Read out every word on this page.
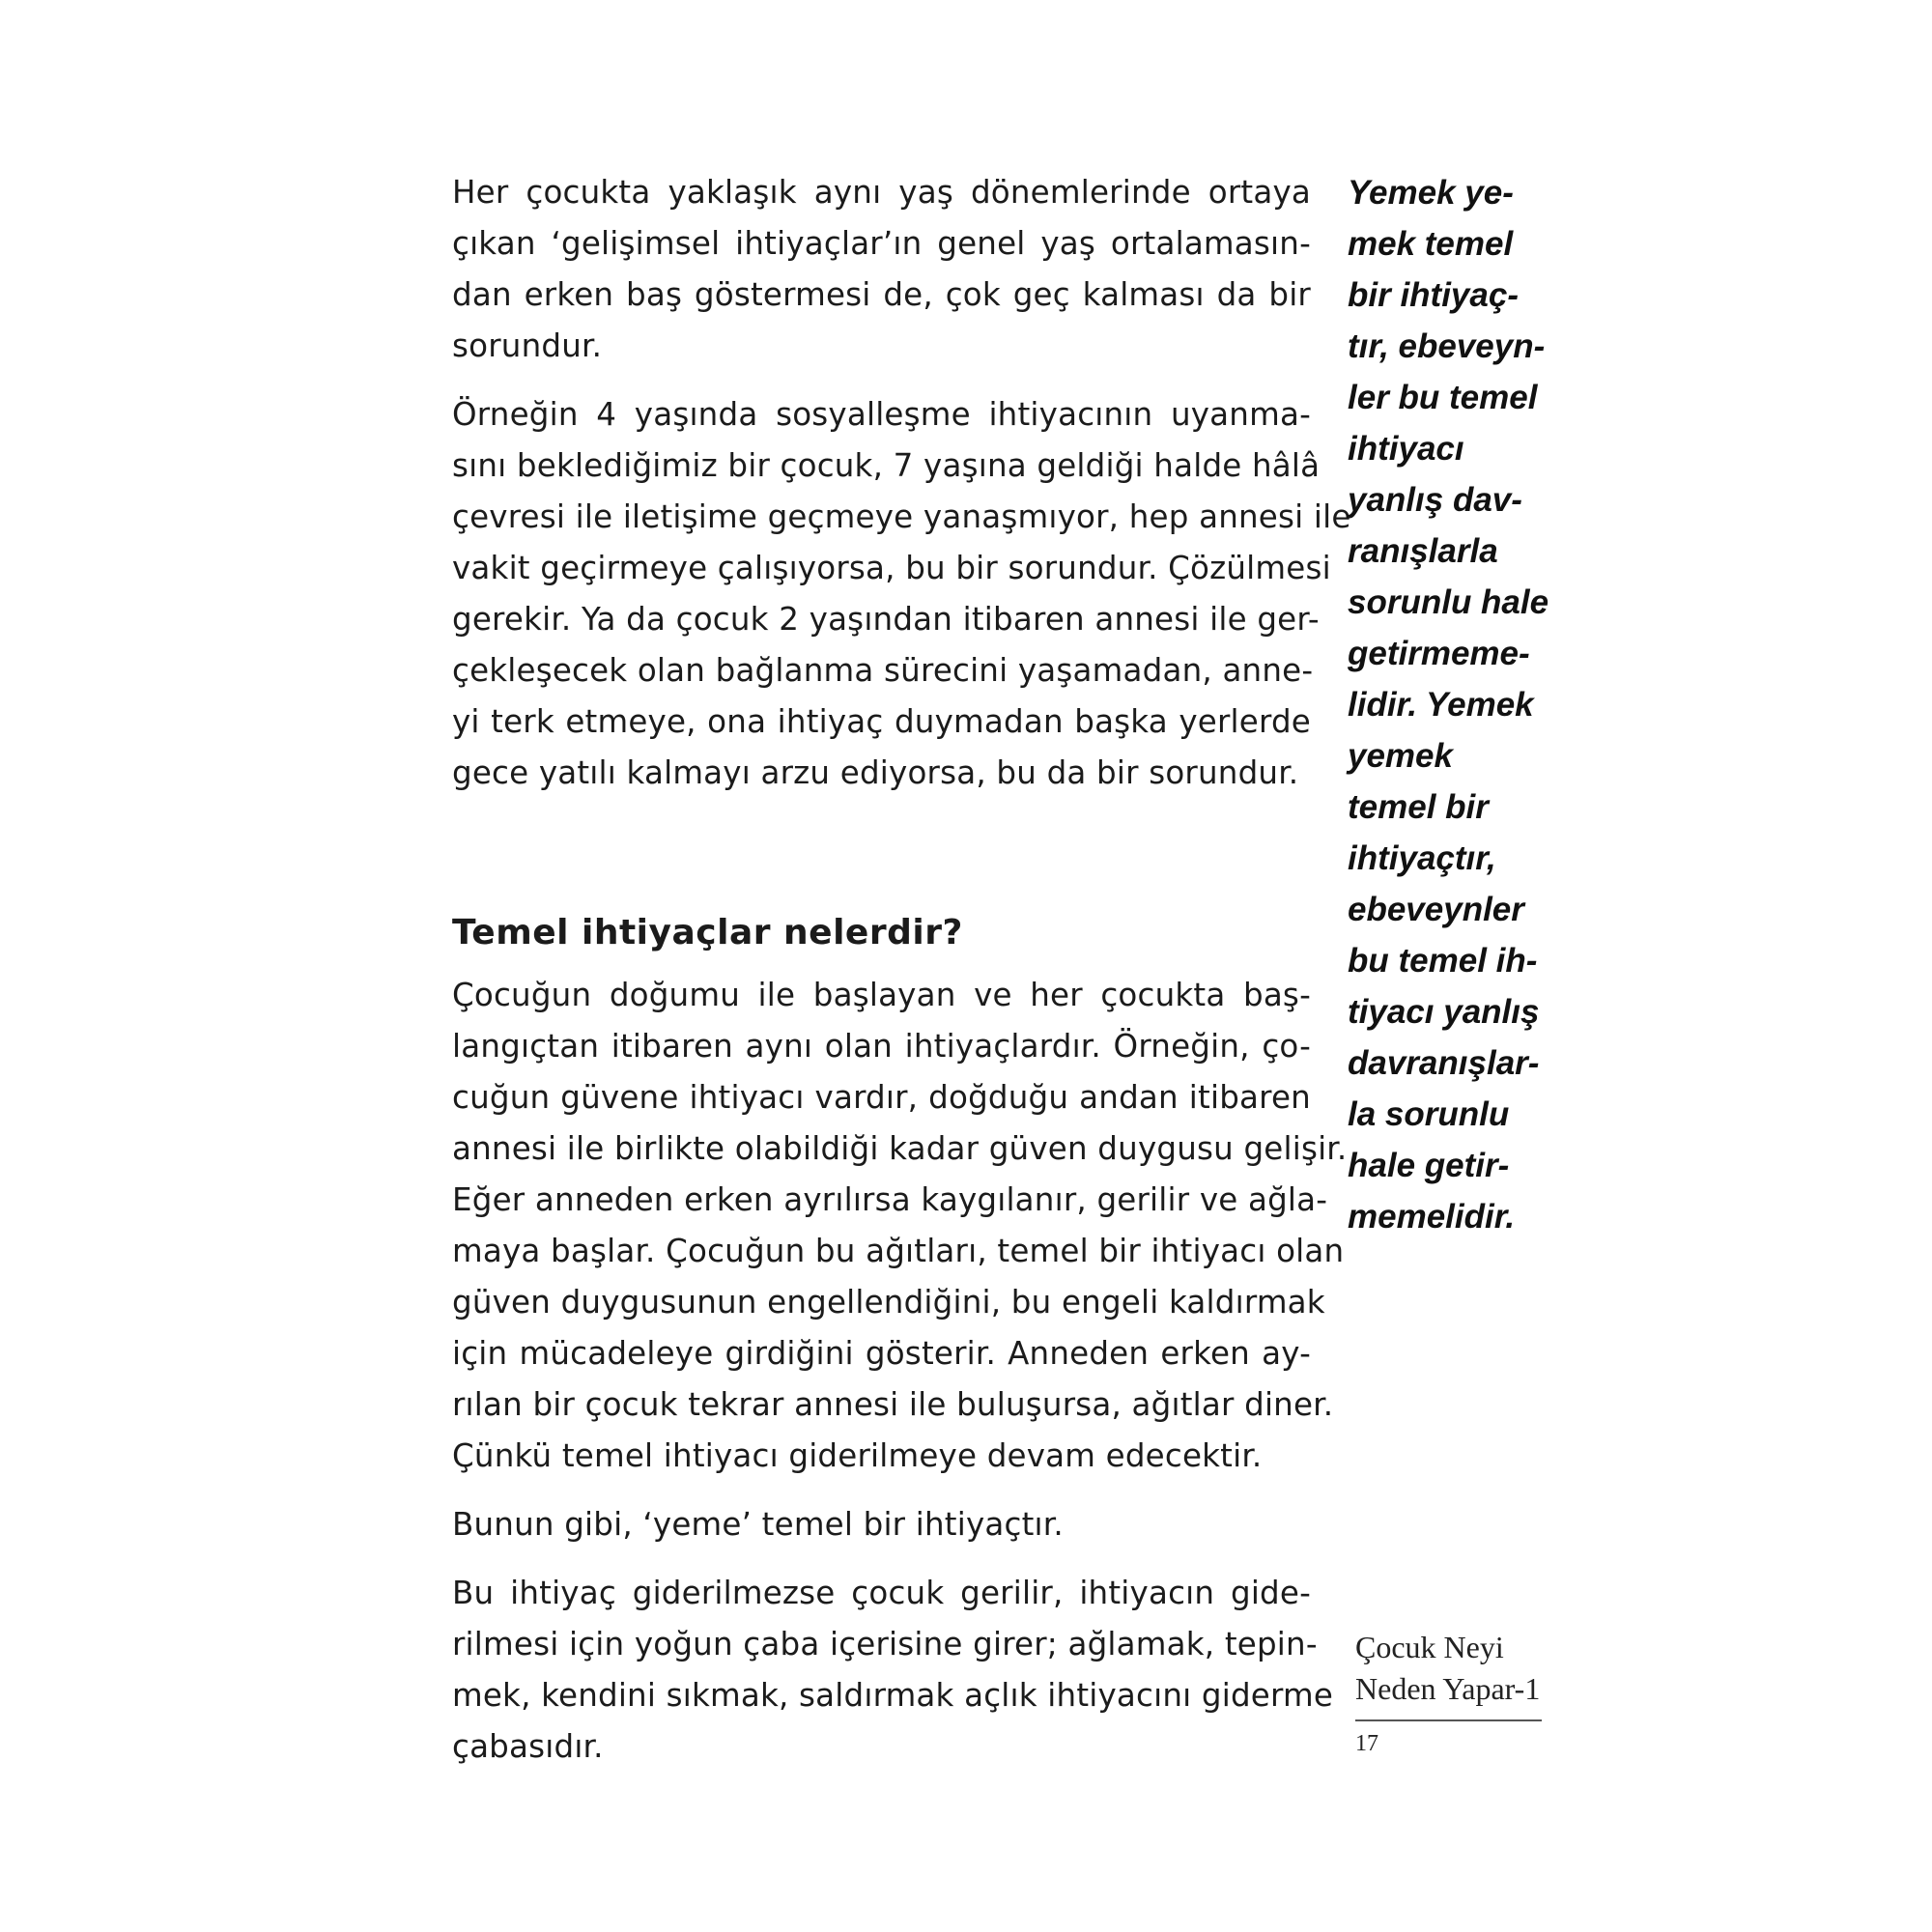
Her çocukta yaklaşık aynı yaş dönemlerinde ortaya
çıkan ‘gelişimsel ihtiyaçlar’ın genel yaş ortalamasın-
dan erken baş göstermesi de, çok geç kalması da bir
sorundur.

Örneğin 4 yaşında sosyalleşme ihtiyacının uyanma-
sını beklediğimiz bir çocuk, 7 yaşına geldiği halde hâlâ
çevresi ile iletişime geçmeye yanaşmıyor, hep annesi ile
vakit geçirmeye çalışıyorsa, bu bir sorundur. Çözülmesi
gerekir. Ya da çocuk 2 yaşından itibaren annesi ile ger-
çekleşecek olan bağlanma sürecini yaşamadan, anne-
yi terk etmeye, ona ihtiyaç duymadan başka yerlerde
gece yatılı kalmayı arzu ediyorsa, bu da bir sorundur.

Temel ihtiyaçlar nelerdir?

Çocuğun doğumu ile başlayan ve her çocukta baş-
langıçtan itibaren aynı olan ihtiyaçlardır. Örneğin, ço-
cuğun güvene ihtiyacı vardır, doğduğu andan itibaren
annesi ile birlikte olabildiği kadar güven duygusu gelişir.
Eğer anneden erken ayrılırsa kaygılanır, gerilir ve ağla-
maya başlar. Çocuğun bu ağıtları, temel bir ihtiyacı olan
güven duygusunun engellendiğini, bu engeli kaldırmak
için mücadeleye girdiğini gösterir. Anneden erken ay-
rılan bir çocuk tekrar annesi ile buluşursa, ağıtlar diner.
Çünkü temel ihtiyacı giderilmeye devam edecektir.

Bunun gibi, ‘yeme’ temel bir ihtiyaçtır.

Bu ihtiyaç giderilmezse çocuk gerilir, ihtiyacın gide-
rilmesi için yoğun çaba içerisine girer; ağlamak, tepin-
mek, kendini sıkmak, saldırmak açlık ihtiyacını giderme
çabasıdır.

Yemek ye-
mek temel
bir ihtiyaç-
tır, ebeveyn-
ler bu temel
ihtiyacı
yanlış dav-
ranışlarla
sorunlu hale
getirmeme-
lidir. Yemek
yemek
temel bir
ihtiyaçtır,
ebeveynler
bu temel ih-
tiyacı yanlış
davranışlar-
la sorunlu
hale getir-
memelidir.
Çocuk Neyi
Neden Yapar-1
17
